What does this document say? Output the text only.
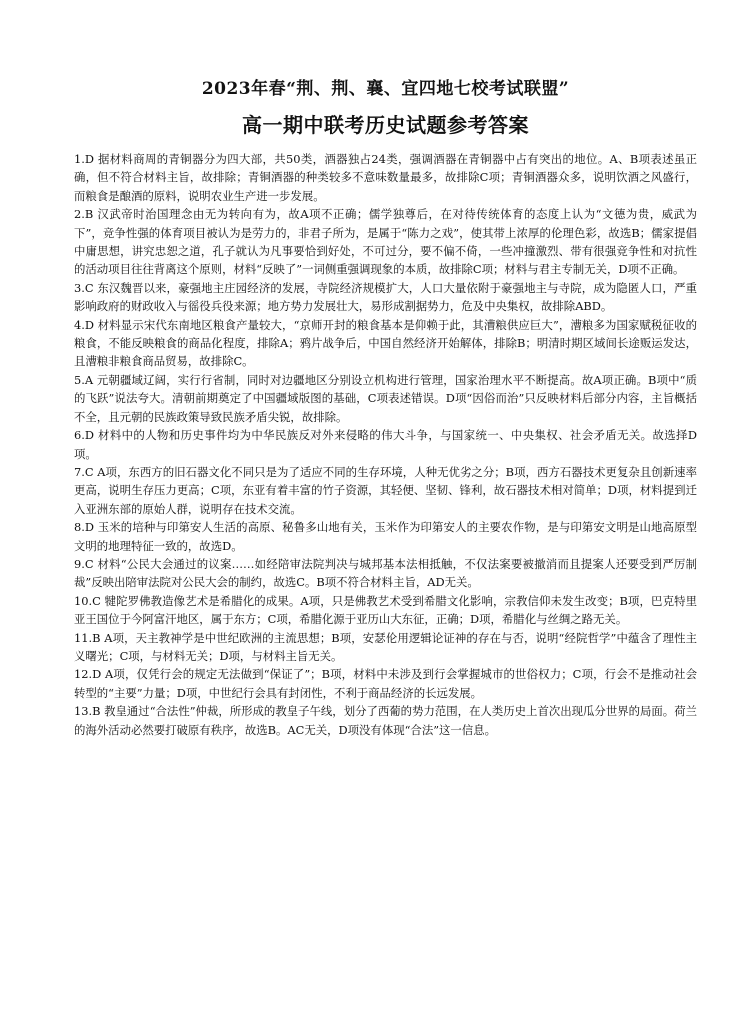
2023年春“荆、荆、襄、宜四地七校考试联盟”
高一期中联考历史试题参考答案

1.D 据材料商周的青铜器分为四大部，共50类，酒器独占24类，强调酒器在青铜器中占有突出的地位。A、B项表述虽正确，但不符合材料主旨，故排除；青铜酒器的种类较多不意味数量最多，故排除C项；青铜酒器众多，说明饮酒之风盛行，而粮食是酿酒的原料，说明农业生产进一步发展。

2.B 汉武帝时治国理念由无为转向有为，故A项不正确；儒学独尊后，在对待传统体育的态度上认为“文德为贵，威武为下”，竞争性强的体育项目被认为是劳力的，非君子所为，是属于“陈力之戏”，使其带上浓厚的伦理色彩，故选B；儒家提倡中庸思想，讲究忠恕之道，孔子就认为凡事要恰到好处，不可过分，要不偏不倚，一些冲撞激烈、带有很强竞争性和对抗性的活动项目往往背离这个原则，材料“反映了”一词侧重强调现象的本质，故排除C项；材料与君主专制无关，D项不正确。

3.C 东汉魏晋以来，豪强地主庄园经济的发展，寺院经济规模扩大，人口大量依附于豪强地主与寺院，成为隐匿人口，严重影响政府的财政收入与徭役兵役来源；地方势力发展壮大，易形成割据势力，危及中央集权，故排除ABD。

4.D 材料显示宋代东南地区粮食产量较大，“京师开封的粮食基本是仰赖于此，其漕粮供应巨大”，漕粮多为国家赋税征收的粮食，不能反映粮食的商品化程度，排除A；鸦片战争后，中国自然经济开始解体，排除B；明清时期区域间长途贩运发达，且漕粮非粮食商品贸易，故排除C。

5.A 元朝疆域辽阔，实行行省制，同时对边疆地区分别设立机构进行管理，国家治理水平不断提高。故A项正确。B项中“质的飞跃”说法夸大。清朝前期奠定了中国疆域版图的基础，C项表述错误。D项“因俗而治”只反映材料后部分内容，主旨概括不全，且元朝的民族政策导致民族矛盾尖锐，故排除。

6.D 材料中的人物和历史事件均为中华民族反对外来侵略的伟大斗争，与国家统一、中央集权、社会矛盾无关。故选择D项。

7.C A项，东西方的旧石器文化不同只是为了适应不同的生存环境，人种无优劣之分；B项，西方石器技术更复杂且创新速率更高，说明生存压力更高；C项，东亚有着丰富的竹子资源，其轻便、坚韧、锋利，故石器技术相对简单；D项，材料提到迁入亚洲东部的原始人群，说明存在技术交流。

8.D 玉米的培种与印第安人生活的高原、秘鲁多山地有关，玉米作为印第安人的主要农作物，是与印第安文明是山地高原型文明的地理特征一致的，故选D。

9.C 材料“公民大会通过的议案……如经陪审法院判决与城邦基本法相抵触，不仅法案要被撤消而且提案人还要受到严厉制裁”反映出陪审法院对公民大会的制约，故选C。B项不符合材料主旨，AD无关。

10.C 犍陀罗佛教造像艺术是希腊化的成果。A项，只是佛教艺术受到希腊文化影响，宗教信仰未发生改变；B项，巴克特里亚王国位于今阿富汗地区，属于东方；C项，希腊化源于亚历山大东征，正确；D项，希腊化与丝绸之路无关。

11.B A项，天主教神学是中世纪欧洲的主流思想；B项，安瑟伦用逻辑论证神的存在与否，说明“经院哲学”中蕴含了理性主义曙光；C项，与材料无关；D项，与材料主旨无关。

12.D A项，仅凭行会的规定无法做到“保证了”；B项，材料中未涉及到行会掌握城市的世俗权力；C项，行会不是推动社会转型的“主要”力量；D项，中世纪行会具有封闭性，不利于商品经济的长远发展。

13.B 教皇通过“合法性”仲裁，所形成的教皇子午线，划分了西葡的势力范围，在人类历史上首次出现瓜分世界的局面。荷兰的海外活动必然要打破原有秩序，故选B。AC无关，D项没有体现“合法”这一信息。
